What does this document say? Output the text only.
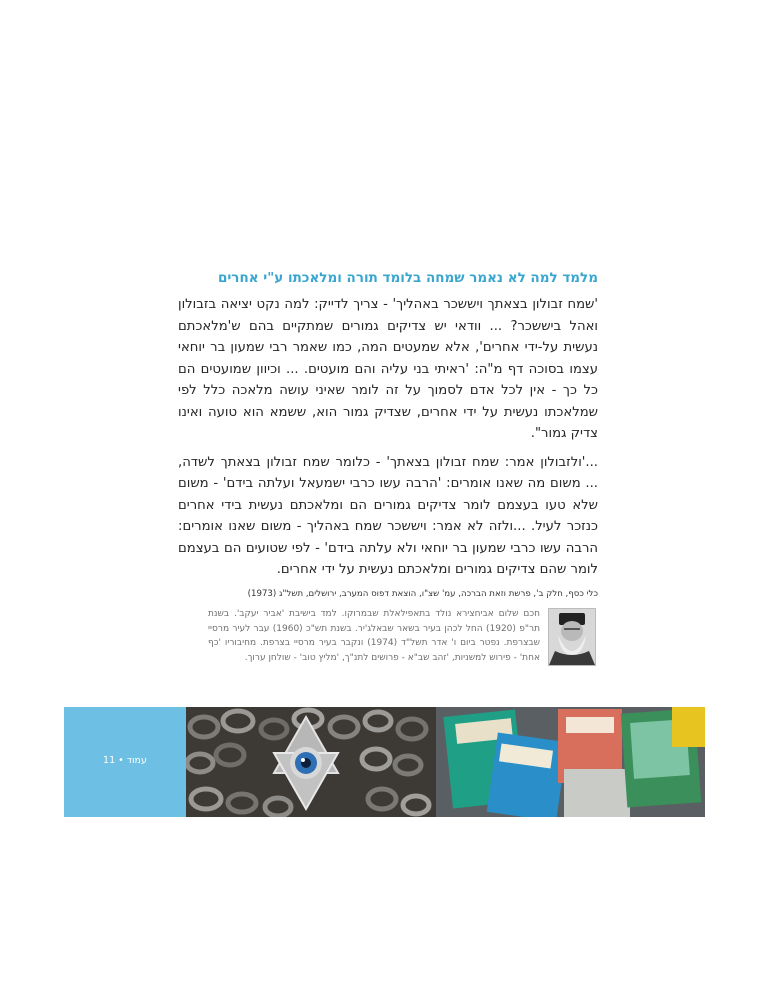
מלמד למה לא נאמר שמחה בלומד תורה ומלאכתו ע"י אחרים

'שמח זבולון בצאתך ויששכר באהליך' - צריך לדייק: למה נקט יציאה בזבולון ואהל ביששכר? ... וודאי יש צדיקים גמורים שמתקיים בהם ש'מלאכתם נעשית על-ידי אחרים', אלא שמעטים המה, כמו שאמר רבי שמעון בר יוחאי עצמו בסוכה דף מ"ה: 'ראיתי בני עליה והם מועטים. ... וכיוון שמועטים הם כל כך - אין לכל אדם לסמוך על זה לומר שאיני עושה מלאכה כלל לפי שמלאכתו נעשית על ידי אחרים, שצדיק גמור הוא, ששמא הוא טועה ואינו צדיק גמור".

...'ולזבולון אמר: שמח זבולון בצאתך' - כלומר שמח זבולון בצאתך לשדה, ... משום מה שאנו אומרים: 'הרבה עשו כרבי ישמעאל ועלתה בידם' - משום שלא טעו בעצמם לומר צדיקים גמורים הם ומלאכתם נעשית בידי אחרים כנזכר לעיל. ...ולזה לא אמר: ויששכר שמח באהליך - משום שאנו אומרים: הרבה עשו כרבי שמעון בר יוחאי ולא עלתה בידם' - לפי שטועים הם בעצמם לומר שהם צדיקים גמורים ומלאכתם נעשית על ידי אחרים.

כלי כסף, חלק ב', פרשת וזאת הברכה, עמ' שצ"ו, הוצאת דפוס המערב, ירושלים, תשל"ג (1973)

חכם שלום אביחצירא נולד בתאפילאלת שבמרוקו. למד בישיבת 'אביר יעקב'. בשנת תר"פ (1920) החל לכהן בעיר בשאר שבאלג'יר. בשנת תש"כ (1960) עבר לעיר מרסיי שבצרפת. נפטר ביום ו' אדר תשל"ד (1974) ונקבר בעיר מרסיי בצרפת. מחיבוריו 'כף אחת' - פירוש למשניות, 'זהב שב"א - פרושים לתנ"ך, 'מליץ טוב' - שולחן ערוך.
עמוד • 11
